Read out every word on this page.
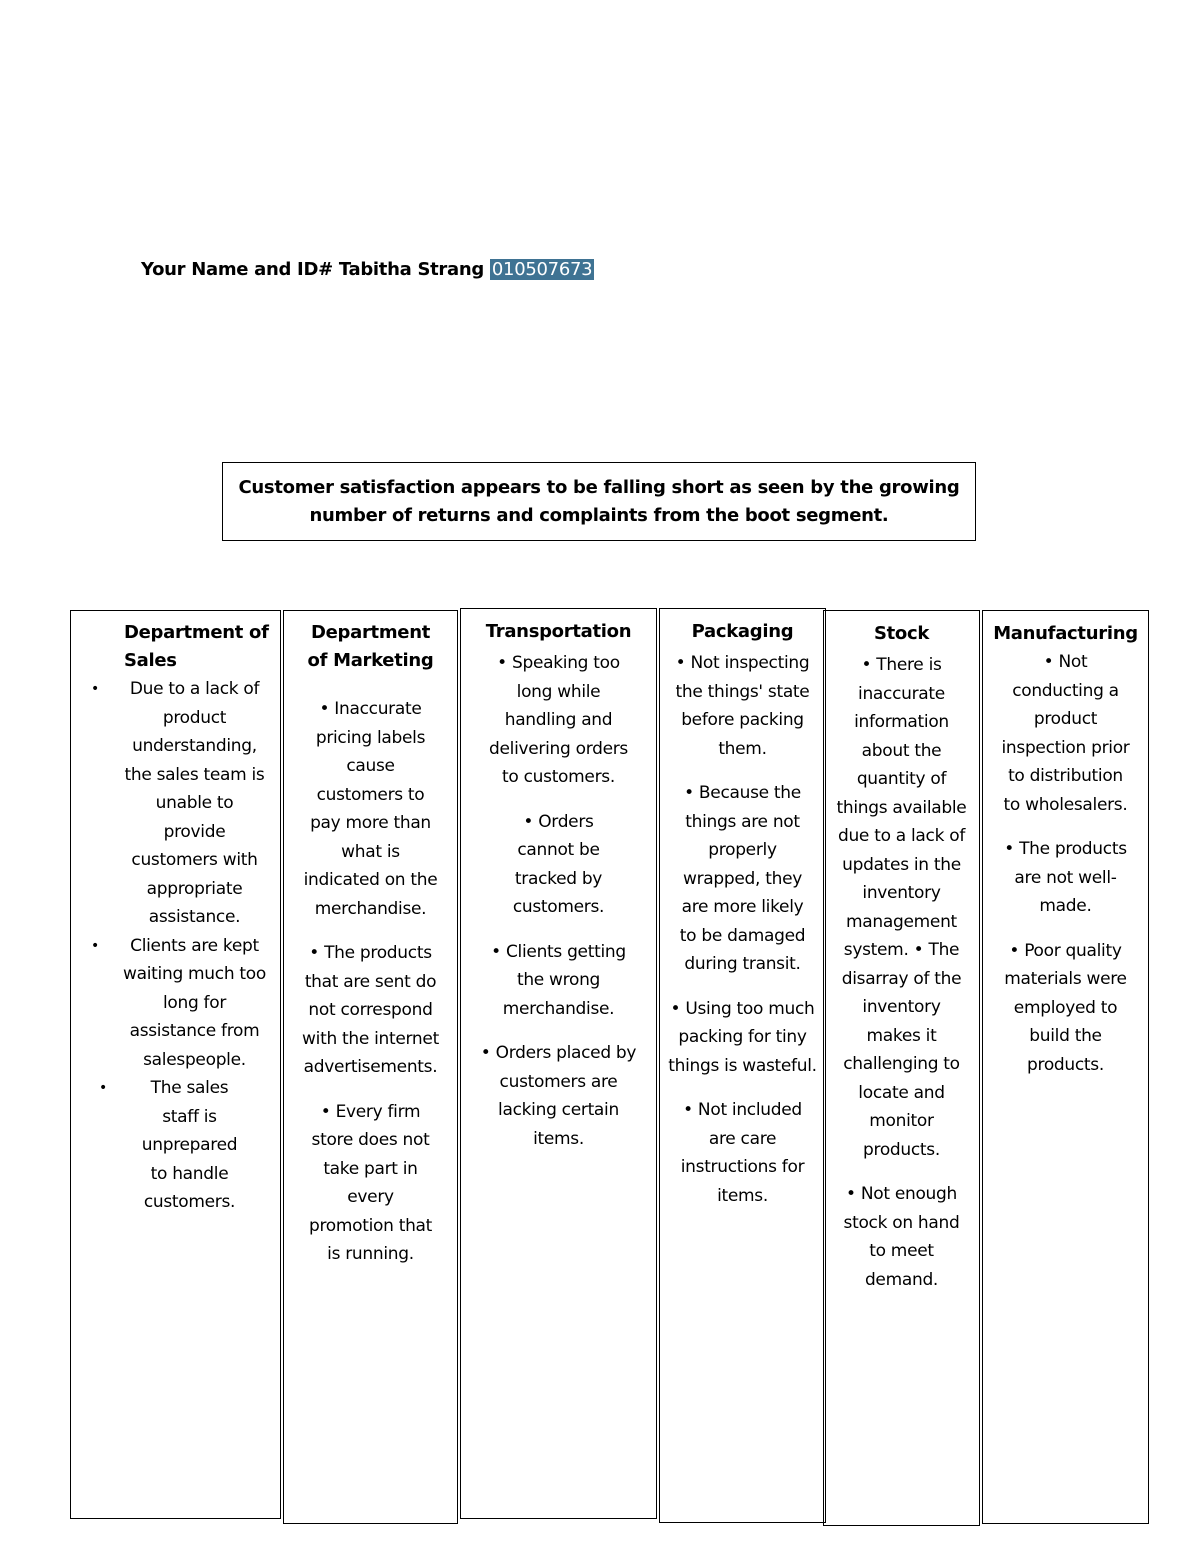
Your Name and ID# Tabitha Strang 010507673
Customer satisfaction appears to be falling short as seen by the growing number of returns and complaints from the boot segment.
Department of Sales
• Due to a lack of product understanding, the sales team is unable to provide customers with appropriate assistance.
• Clients are kept waiting much too long for assistance from salespeople.
•	The sales staff is unprepared to handle customers.
Department of Marketing
• Inaccurate pricing labels cause customers to pay more than what is indicated on the merchandise.
• The products that are sent do not correspond with the internet advertisements.
• Every firm store does not take part in every promotion that is running.
Transportation
• Speaking too long while handling and delivering orders to customers.
• Orders cannot be tracked by customers.
• Clients getting the wrong merchandise.
• Orders placed by customers are lacking certain items.
Packaging
• Not inspecting the things' state before packing them.
• Because the things are not properly wrapped, they are more likely to be damaged during transit.
• Using too much packing for tiny things is wasteful.
• Not included are care instructions for items.
Stock
• There is inaccurate information about the quantity of things available due to a lack of updates in the inventory management system. • The disarray of the inventory makes it challenging to locate and monitor products.
• Not enough stock on hand to meet demand.
Manufacturing
• Not conducting a product inspection prior to distribution to wholesalers.
• The products are not well-made.
• Poor quality materials were employed to build the products.
